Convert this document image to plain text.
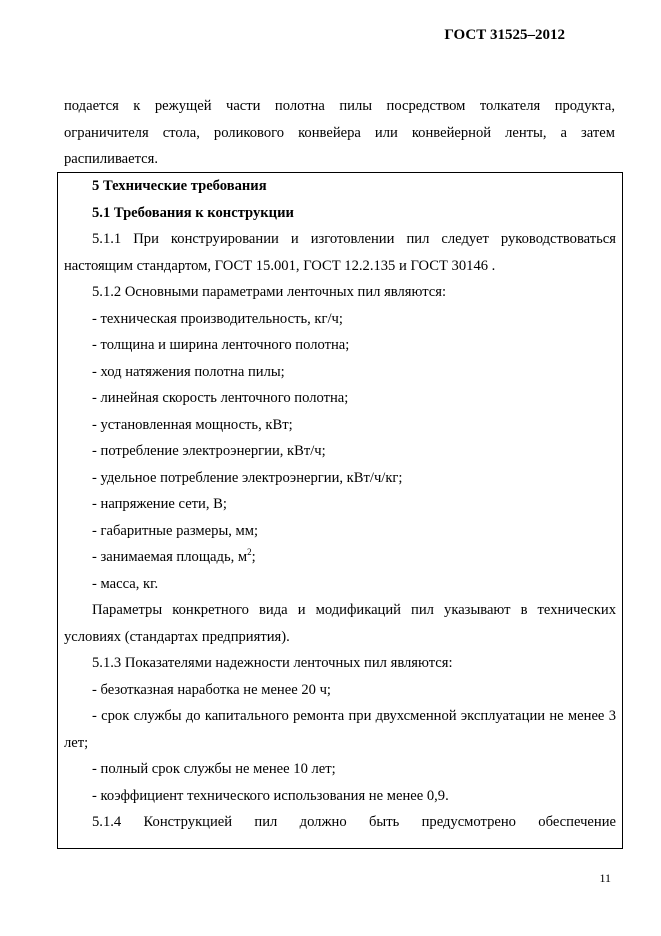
ГОСТ 31525–2012

подается к режущей части полотна пилы посредством толкателя продукта, ограничителя стола, роликового конвейера или конвейерной ленты, а затем распиливается.

5 Технические требования

5.1 Требования к конструкции

5.1.1 При конструировании и изготовлении пил следует руководствоваться настоящим стандартом, ГОСТ 15.001, ГОСТ 12.2.135 и ГОСТ 30146 .

5.1.2 Основными параметрами ленточных пил являются:

- техническая производительность, кг/ч;

- толщина и ширина ленточного полотна;

- ход натяжения полотна пилы;

- линейная скорость ленточного полотна;

- установленная мощность, кВт;

- потребление электроэнергии, кВт/ч;

- удельное потребление электроэнергии, кВт/ч/кг;

- напряжение сети, В;

- габаритные размеры, мм;

- занимаемая площадь, $м^2$;

- масса, кг.

Параметры конкретного вида и модификаций пил указывают в технических условиях (стандартах предприятия).

5.1.3 Показателями надежности ленточных пил являются:

- безотказная наработка не менее 20 ч;

- срок службы до капитального ремонта при двухсменной эксплуатации не менее 3 лет;

- полный срок службы не менее 10 лет;

- коэффициент технического использования не менее 0,9.

5.1.4 Конструкцией пил должно быть предусмотрено обеспечение

11
